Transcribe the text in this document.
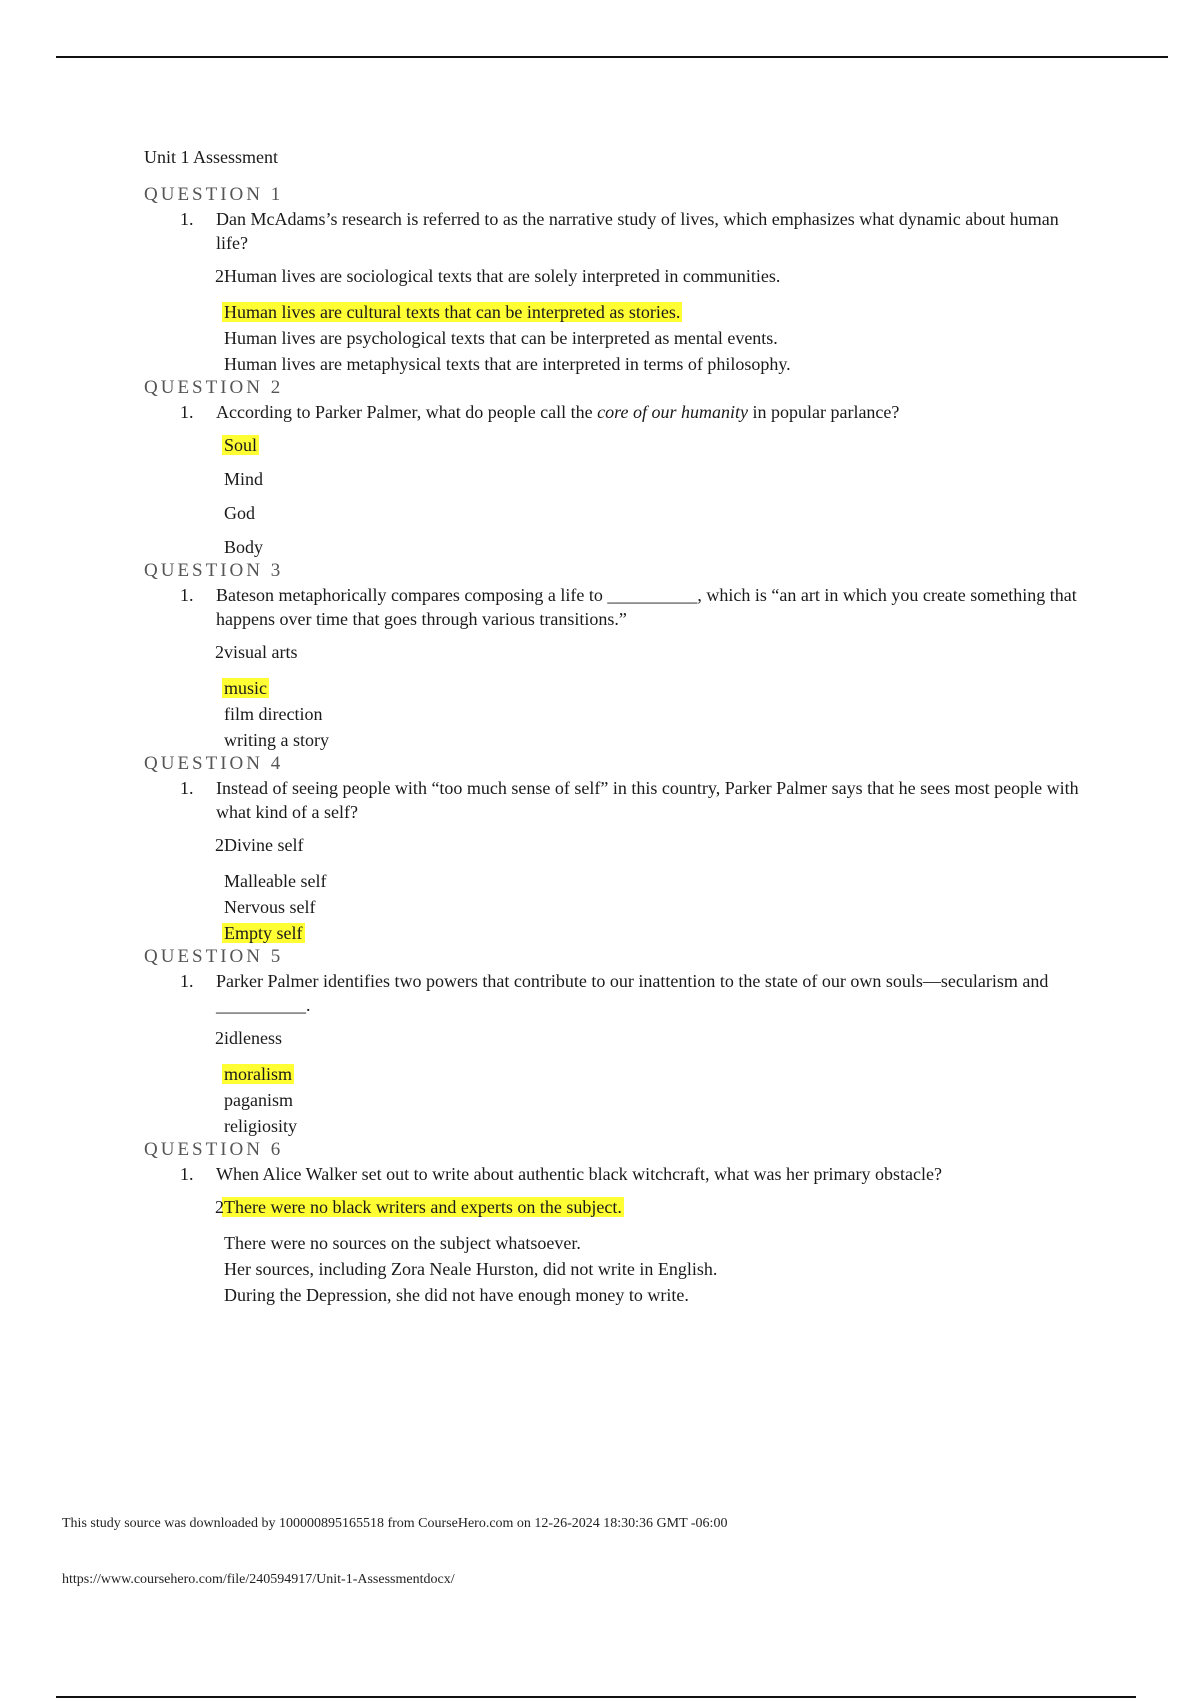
Unit 1 Assessment
QUESTION 1
1. Dan McAdams’s research is referred to as the narrative study of lives, which emphasizes what dynamic about human life?
2 Human lives are sociological texts that are solely interpreted in communities.
Human lives are cultural texts that can be interpreted as stories.
Human lives are psychological texts that can be interpreted as mental events.
Human lives are metaphysical texts that are interpreted in terms of philosophy.
QUESTION 2
1. According to Parker Palmer, what do people call the core of our humanity in popular parlance?
Soul
Mind
God
Body
QUESTION 3
1. Bateson metaphorically compares composing a life to __________, which is “an art in which you create something that happens over time that goes through various transitions.”
2 visual arts
music
film direction
writing a story
QUESTION 4
1. Instead of seeing people with “too much sense of self” in this country, Parker Palmer says that he sees most people with what kind of a self?
2 Divine self
Malleable self
Nervous self
Empty self
QUESTION 5
1. Parker Palmer identifies two powers that contribute to our inattention to the state of our own souls—secularism and __________.
2 idleness
moralism
paganism
religiosity
QUESTION 6
1. When Alice Walker set out to write about authentic black witchcraft, what was her primary obstacle?
2 There were no black writers and experts on the subject.
There were no sources on the subject whatsoever.
Her sources, including Zora Neale Hurston, did not write in English.
During the Depression, she did not have enough money to write.
This study source was downloaded by 100000895165518 from CourseHero.com on 12-26-2024 18:30:36 GMT -06:00
https://www.coursehero.com/file/240594917/Unit-1-Assessmentdocx/
